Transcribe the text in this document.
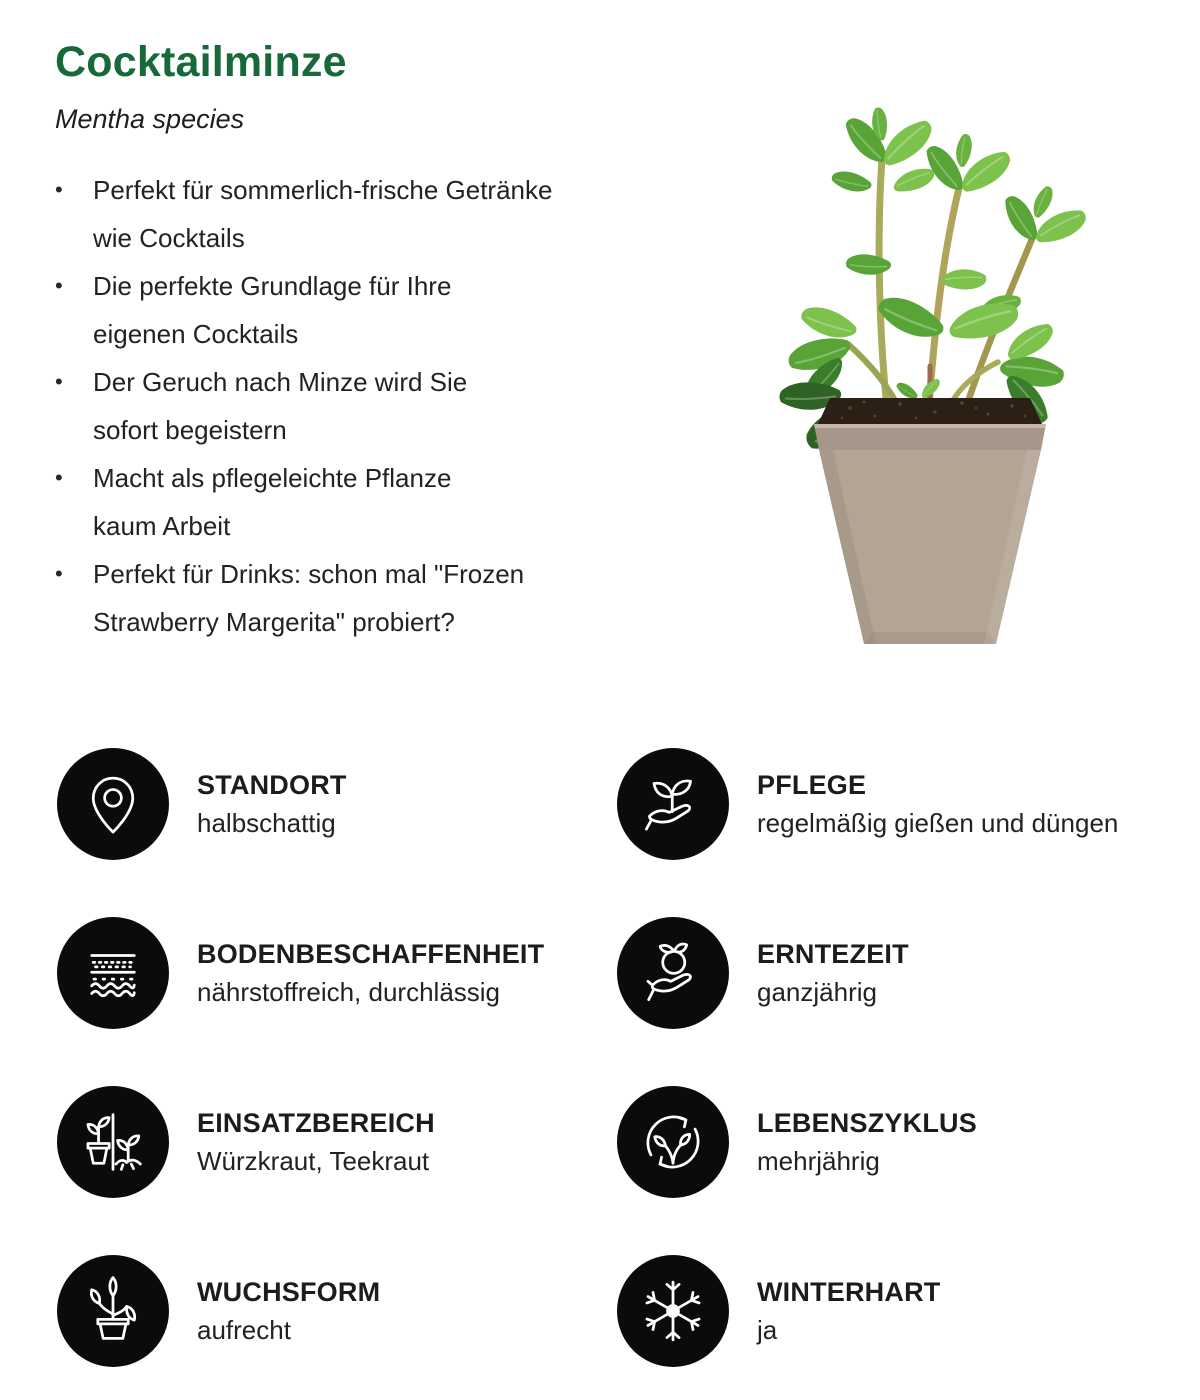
Cocktailminze

Mentha species

•	Perfekt für sommerlich-frische Getränke
wie Cocktails
•	Die perfekte Grundlage für Ihre
eigenen Cocktails
•	Der Geruch nach Minze wird Sie
sofort begeistern
•	Macht als pflegeleichte Pflanze
kaum Arbeit
•	Perfekt für Drinks: schon mal "Frozen
Strawberry Margerita" probiert?
STANDORT
halbschattig
PFLEGE
regelmäßig gießen und düngen
BODENBESCHAFFENHEIT
nährstoffreich, durchlässig
ERNTEZEIT
ganzjährig
EINSATZBEREICH
Würzkraut, Teekraut
LEBENSZYKLUS
mehrjährig
WUCHSFORM
aufrecht
WINTERHART
ja
